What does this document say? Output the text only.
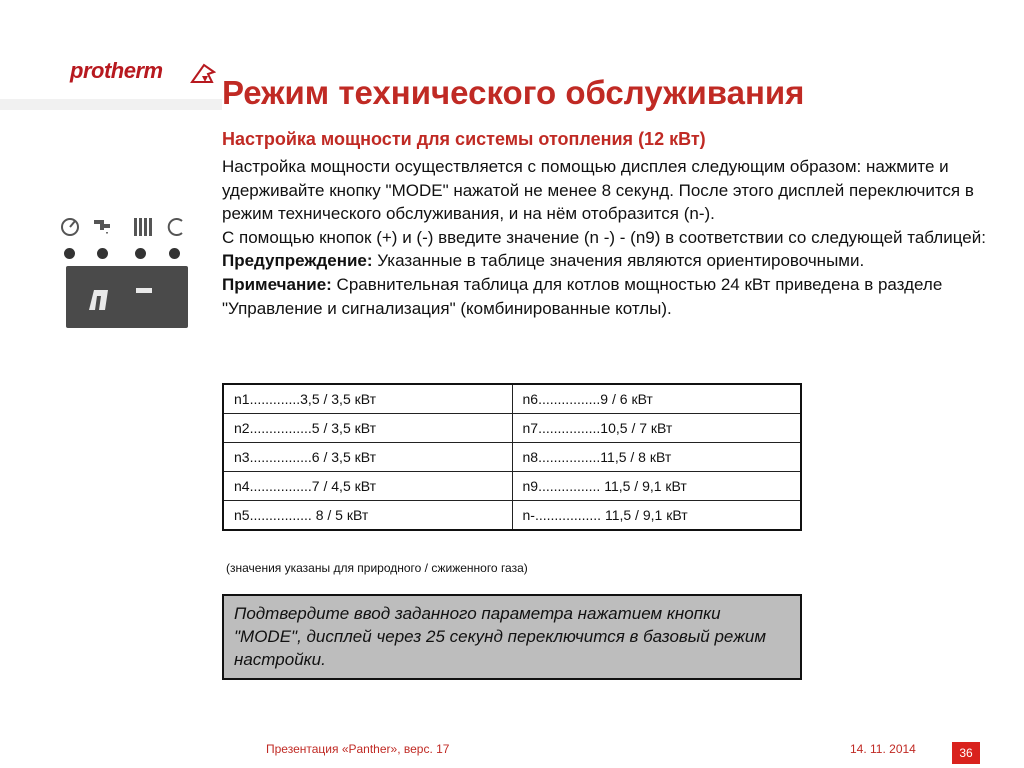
protherm
Режим технического обслуживания
Настройка мощности для системы отопления (12 кВт)

Настройка мощности осуществляется с помощью дисплея следующим образом: нажмите и удерживайте кнопку "MODE" нажатой не менее 8 секунд. После этого дисплей переключится в режим технического обслуживания, и на нём отобразится (n-).

С помощью кнопок (+) и (-) введите значение (n -) - (n9) в соответствии со следующей таблицей:

Предупреждение: Указанные в таблице значения являются ориентировочными.

Примечание: Сравнительная таблица для котлов мощностью 24 кВт приведена в разделе "Управление и сигнализация" (комбинированные котлы).

n1.............3,5 / 3,5 кВт	n6................9 / 6 кВт
n2................5 / 3,5 кВт	n7................10,5 / 7 кВт
n3................6 / 3,5 кВт	n8................11,5 / 8 кВт
n4................7 / 4,5 кВт	n9................ 11,5 / 9,1 кВт
n5................ 8 / 5 кВт	n-................. 11,5 / 9,1 кВт
(значения указаны для природного / сжиженного газа)
Подтвердите ввод заданного параметра нажатием кнопки "MODE", дисплей через 25 секунд переключится в базовый режим настройки.
Презентация «Panther», верс. 17	14. 11. 2014	36
